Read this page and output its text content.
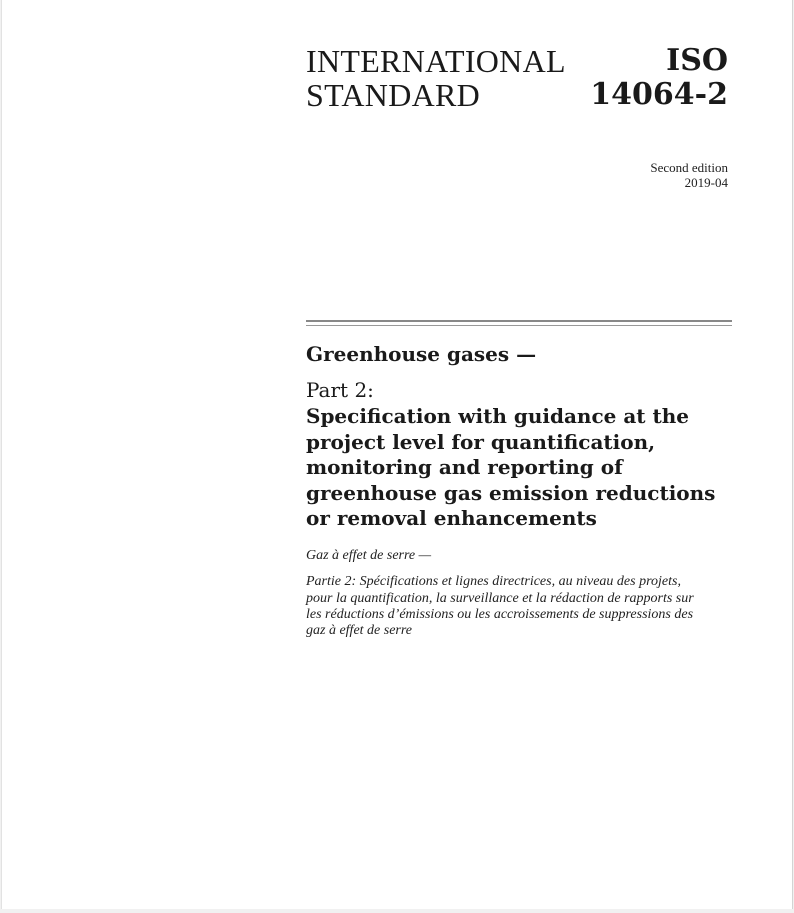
INTERNATIONAL
STANDARD
ISO
14064-2
Second edition
2019-04

Greenhouse gases —

Part 2:

Specification with guidance at the
project level for quantification,
monitoring and reporting of
greenhouse gas emission reductions
or removal enhancements

Gaz à effet de serre —

Partie 2: Spécifications et lignes directrices, au niveau des projets,
pour la quantification, la surveillance et la rédaction de rapports sur
les réductions d’émissions ou les accroissements de suppressions des
gaz à effet de serre
